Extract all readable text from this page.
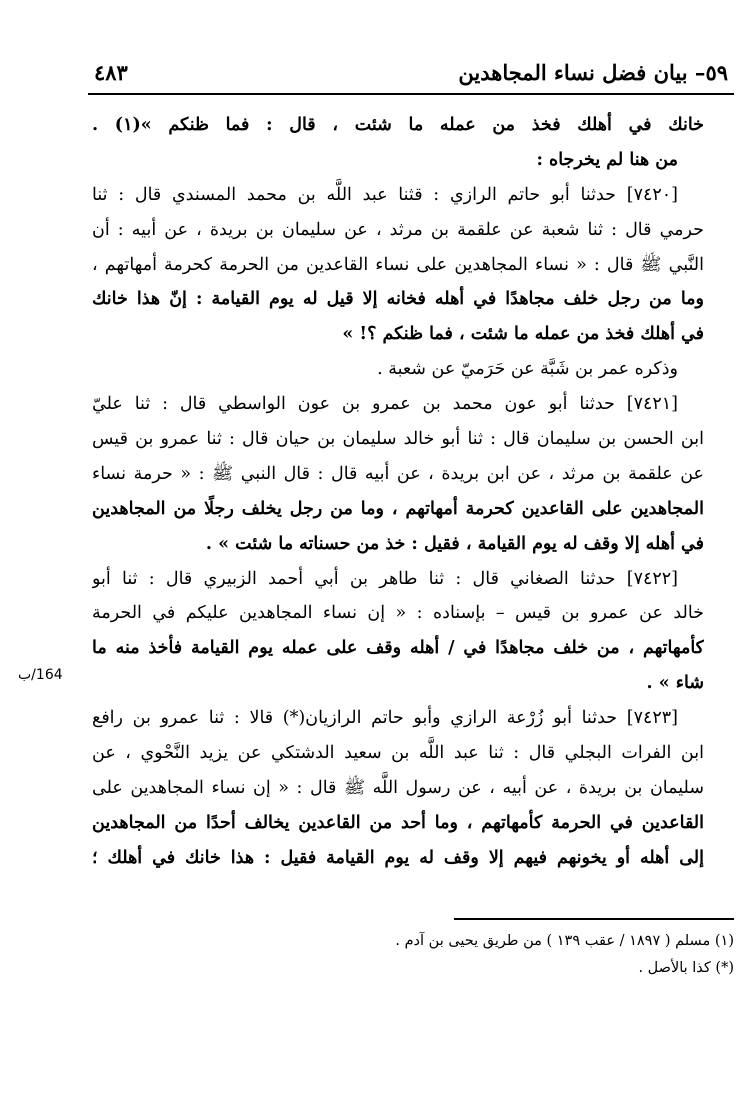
٥٩– بيان فضل نساء المجاهدين
٤٨٣
خانك في أهلك فخذ من عمله ما شئت ، قال : فما ظنكم »(١) .
من هنا لم يخرجاه :
[٧٤٢٠] حدثنا أبو حاتم الرازي : قثنا عبد اللَّه بن محمد المسندي قال : ثنا
حرمي قال : ثنا شعبة عن علقمة بن مرثد ، عن سليمان بن بريدة ، عن أبيه : أن
النَّبي ﷺ قال : « نساء المجاهدين على نساء القاعدين من الحرمة كحرمة أمهاتهم ،
وما من رجل خلف مجاهدًا في أهله فخانه إلا قيل له يوم القيامة : إنّ هذا خانك
في أهلك فخذ من عمله ما شئت ، فما ظنكم ؟! »
وذكره عمر بن شَبَّة عن حَرَميّ عن شعبة .
[٧٤٢١] حدثنا أبو عون محمد بن عمرو بن عون الواسطي قال : ثنا عليّ
ابن الحسن بن سليمان قال : ثنا أبو خالد سليمان بن حيان قال : ثنا عمرو بن قيس
عن علقمة بن مرثد ، عن ابن بريدة ، عن أبيه قال : قال النبي ﷺ : « حرمة نساء
المجاهدين على القاعدين كحرمة أمهاتهم ، وما من رجل يخلف رجلًا من المجاهدين
في أهله إلا وقف له يوم القيامة ، فقيل : خذ من حسناته ما شئت » .
[٧٤٢٢] حدثنا الصغاني قال : ثنا طاهر بن أبي أحمد الزبيري قال : ثنا أبو
خالد عن عمرو بن قيس – بإسناده : « إن نساء المجاهدين عليكم في الحرمة
كأمهاتهم ، من خلف مجاهدًا في / أهله وقف على عمله يوم القيامة فأخذ منه ما
شاء » .
[٧٤٢٣] حدثنا أبو زُرْعة الرازي وأبو حاتم الرازيان(*) قالا : ثنا عمرو بن رافع
ابن الفرات البجلي قال : ثنا عبد اللَّه بن سعيد الدشتكي عن يزيد النَّحْوي ، عن
سليمان بن بريدة ، عن أبيه ، عن رسول اللَّه ﷺ قال : « إن نساء المجاهدين على
القاعدين في الحرمة كأمهاتهم ، وما أحد من القاعدين يخالف أحدًا من المجاهدين
إلى أهله أو يخونهم فيهم إلا وقف له يوم القيامة فقيل : هذا خانك في أهلك ؛
164/ب
(١) مسلم ( ١٨٩٧ / عقب ١٣٩ ) من طريق يحيى بن آدم .
(*) كذا بالأصل .
